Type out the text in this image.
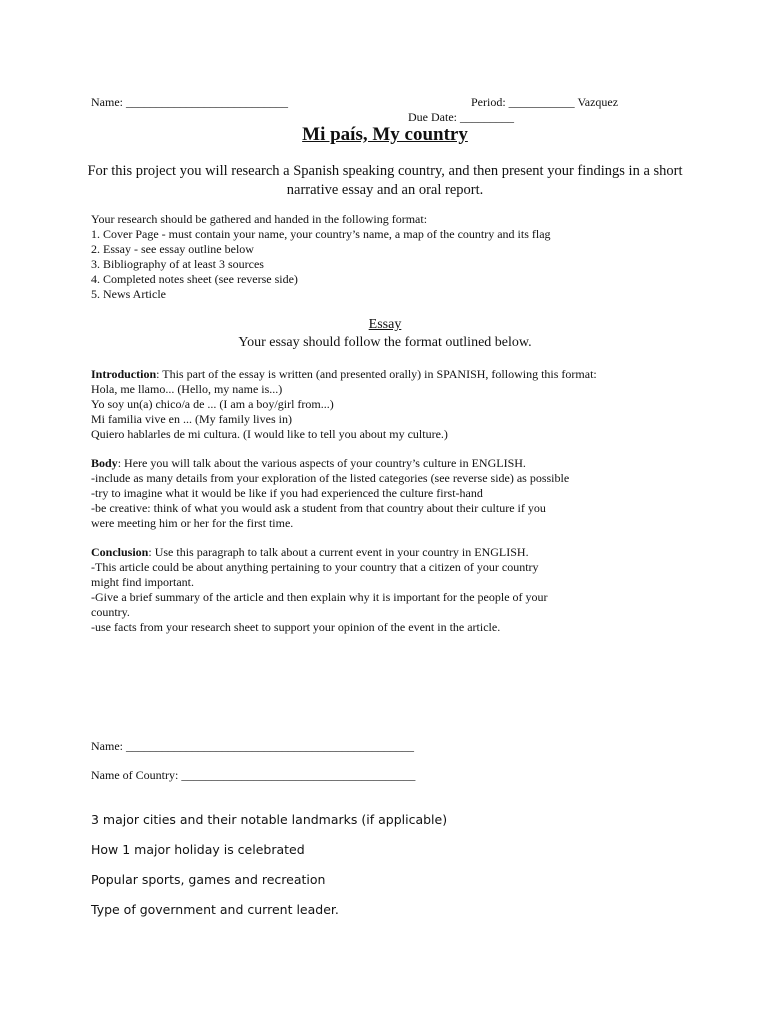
Name: ___________________________	Period: ___________ Vazquez
Due Date: _________
Mi país, My country
For this project you will research a Spanish speaking country, and then present your findings in a short narrative essay and an oral report.
Your research should be gathered and handed in the following format:
1. Cover Page - must contain your name, your country’s name, a map of the country and its flag
2. Essay - see essay outline below
3. Bibliography of at least 3 sources
4. Completed notes sheet (see reverse side)
5. News Article
Essay
Your essay should follow the format outlined below.
Introduction: This part of the essay is written (and presented orally) in SPANISH, following this format:
Hola, me llamo... (Hello, my name is...)
Yo soy un(a) chico/a de ... (I am a boy/girl from...)
Mi familia vive en ... (My family lives in)
Quiero hablarles de mi cultura. (I would like to tell you about my culture.)
Body: Here you will talk about the various aspects of your country’s culture in ENGLISH.
-include as many details from your exploration of the listed categories (see reverse side) as possible
-try to imagine what it would be like if you had experienced the culture first-hand
-be creative: think of what you would ask a student from that country about their culture if you
were meeting him or her for the first time.
Conclusion: Use this paragraph to talk about a current event in your country in ENGLISH.
-This article could be about anything pertaining to your country that a citizen of your country
might find important.
-Give a brief summary of the article and then explain why it is important for the people of your
country.
-use facts from your research sheet to support your opinion of the event in the article.
Name: ________________________________________________
Name of Country: _______________________________________
3 major cities and their notable landmarks (if applicable)
How 1 major holiday is celebrated
Popular sports, games and recreation
Type of government and current leader.
